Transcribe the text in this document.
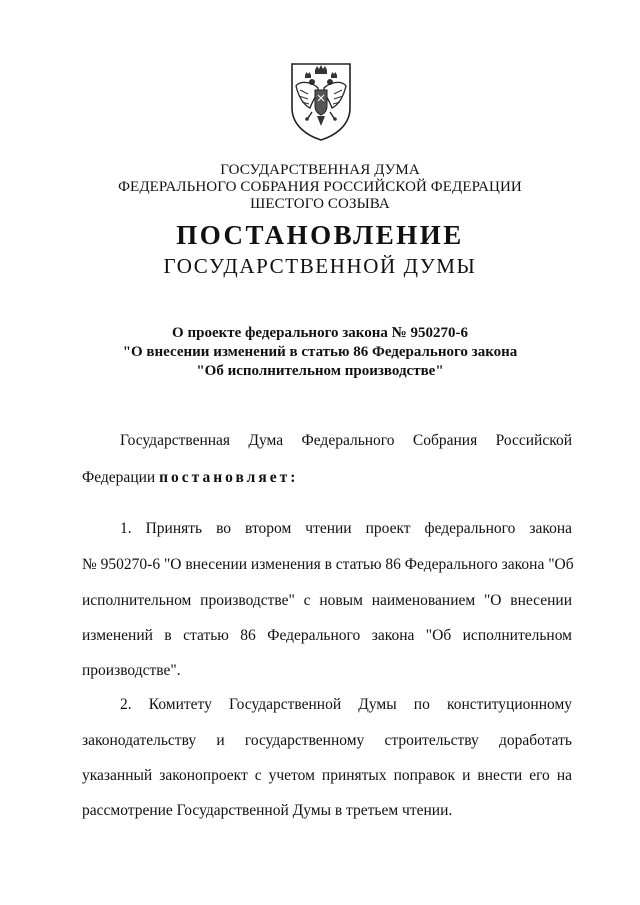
ГОСУДАРСТВЕННАЯ ДУМА
ФЕДЕРАЛЬНОГО СОБРАНИЯ РОССИЙСКОЙ ФЕДЕРАЦИИ
ШЕСТОГО СОЗЫВА
ПОСТАНОВЛЕНИЕ
ГОСУДАРСТВЕННОЙ ДУМЫ
О проекте федерального закона № 950270-6
"О внесении изменений в статью 86 Федерального закона
"Об исполнительном производстве"
Государственная Дума Федерального Собрания Российской
Федерации постановляет:
1. Принять во втором чтении проект федерального закона
№ 950270-6 "О внесении изменения в статью 86 Федерального закона "Об
исполнительном производстве" с новым наименованием "О внесении
изменений в статью 86 Федерального закона "Об исполнительном
производстве".
2. Комитету Государственной Думы по конституционному
законодательству и государственному строительству доработать
указанный законопроект с учетом принятых поправок и внести его на
рассмотрение Государственной Думы в третьем чтении.
